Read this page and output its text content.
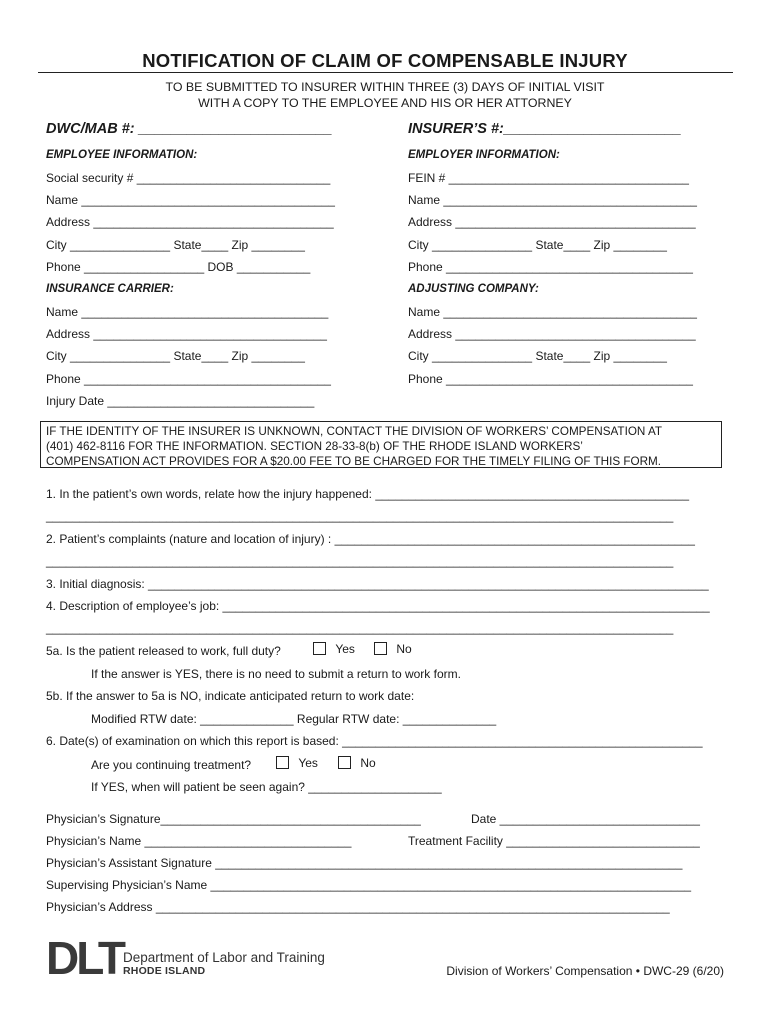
NOTIFICATION OF CLAIM OF COMPENSABLE INJURY
TO BE SUBMITTED TO INSURER WITHIN THREE (3) DAYS OF INITIAL VISIT
WITH A COPY TO THE EMPLOYEE AND HIS OR HER ATTORNEY
DWC/MAB #: ________________________	INSURER’S #:______________________
EMPLOYEE INFORMATION:
Social security # _____________________________
Name ______________________________________
Address ____________________________________
City _______________ State____ Zip ________
Phone __________________ DOB ___________
EMPLOYER INFORMATION:
FEIN # ____________________________________
Name ______________________________________
Address ____________________________________
City _______________ State____ Zip ________
Phone _____________________________________
INSURANCE CARRIER:
Name _____________________________________
Address ___________________________________
City _______________ State____ Zip ________
Phone _____________________________________
Injury Date _______________________________
ADJUSTING COMPANY:
Name ______________________________________
Address ____________________________________
City _______________ State____ Zip ________
Phone _____________________________________
IF THE IDENTITY OF THE INSURER IS UNKNOWN, CONTACT THE DIVISION OF WORKERS’ COMPENSATION AT
(401) 462-8116 FOR THE INFORMATION. SECTION 28-33-8(b) OF THE RHODE ISLAND WORKERS’
COMPENSATION ACT PROVIDES FOR A $20.00 FEE TO BE CHARGED FOR THE TIMELY FILING OF THIS FORM.
1. In the patient’s own words, relate how the injury happened: _______________________________________________
______________________________________________________________________________________________
2. Patient’s complaints (nature and location of injury) : ______________________________________________________
______________________________________________________________________________________________
3. Initial diagnosis: ____________________________________________________________________________________
4. Description of employee’s job: _________________________________________________________________________
______________________________________________________________________________________________
5a. Is the patient released to work, full duty?	Yes	No
If the answer is YES, there is no need to submit a return to work form.
5b. If the answer to 5a is NO, indicate anticipated return to work date:
Modified RTW date: ______________ Regular RTW date: ______________
6. Date(s) of examination on which this report is based: ______________________________________________________
Are you continuing treatment?	Yes	No
If YES, when will patient be seen again? ____________________
Physician’s Signature_______________________________________	Date ______________________________
Physician’s Name _______________________________	Treatment Facility _____________________________
Physician’s Assistant Signature ______________________________________________________________________
Supervising Physician’s Name ________________________________________________________________________
Physician’s Address _____________________________________________________________________________
DLT Department of Labor and Training
RHODE ISLAND	Division of Workers’ Compensation • DWC-29 (6/20)
